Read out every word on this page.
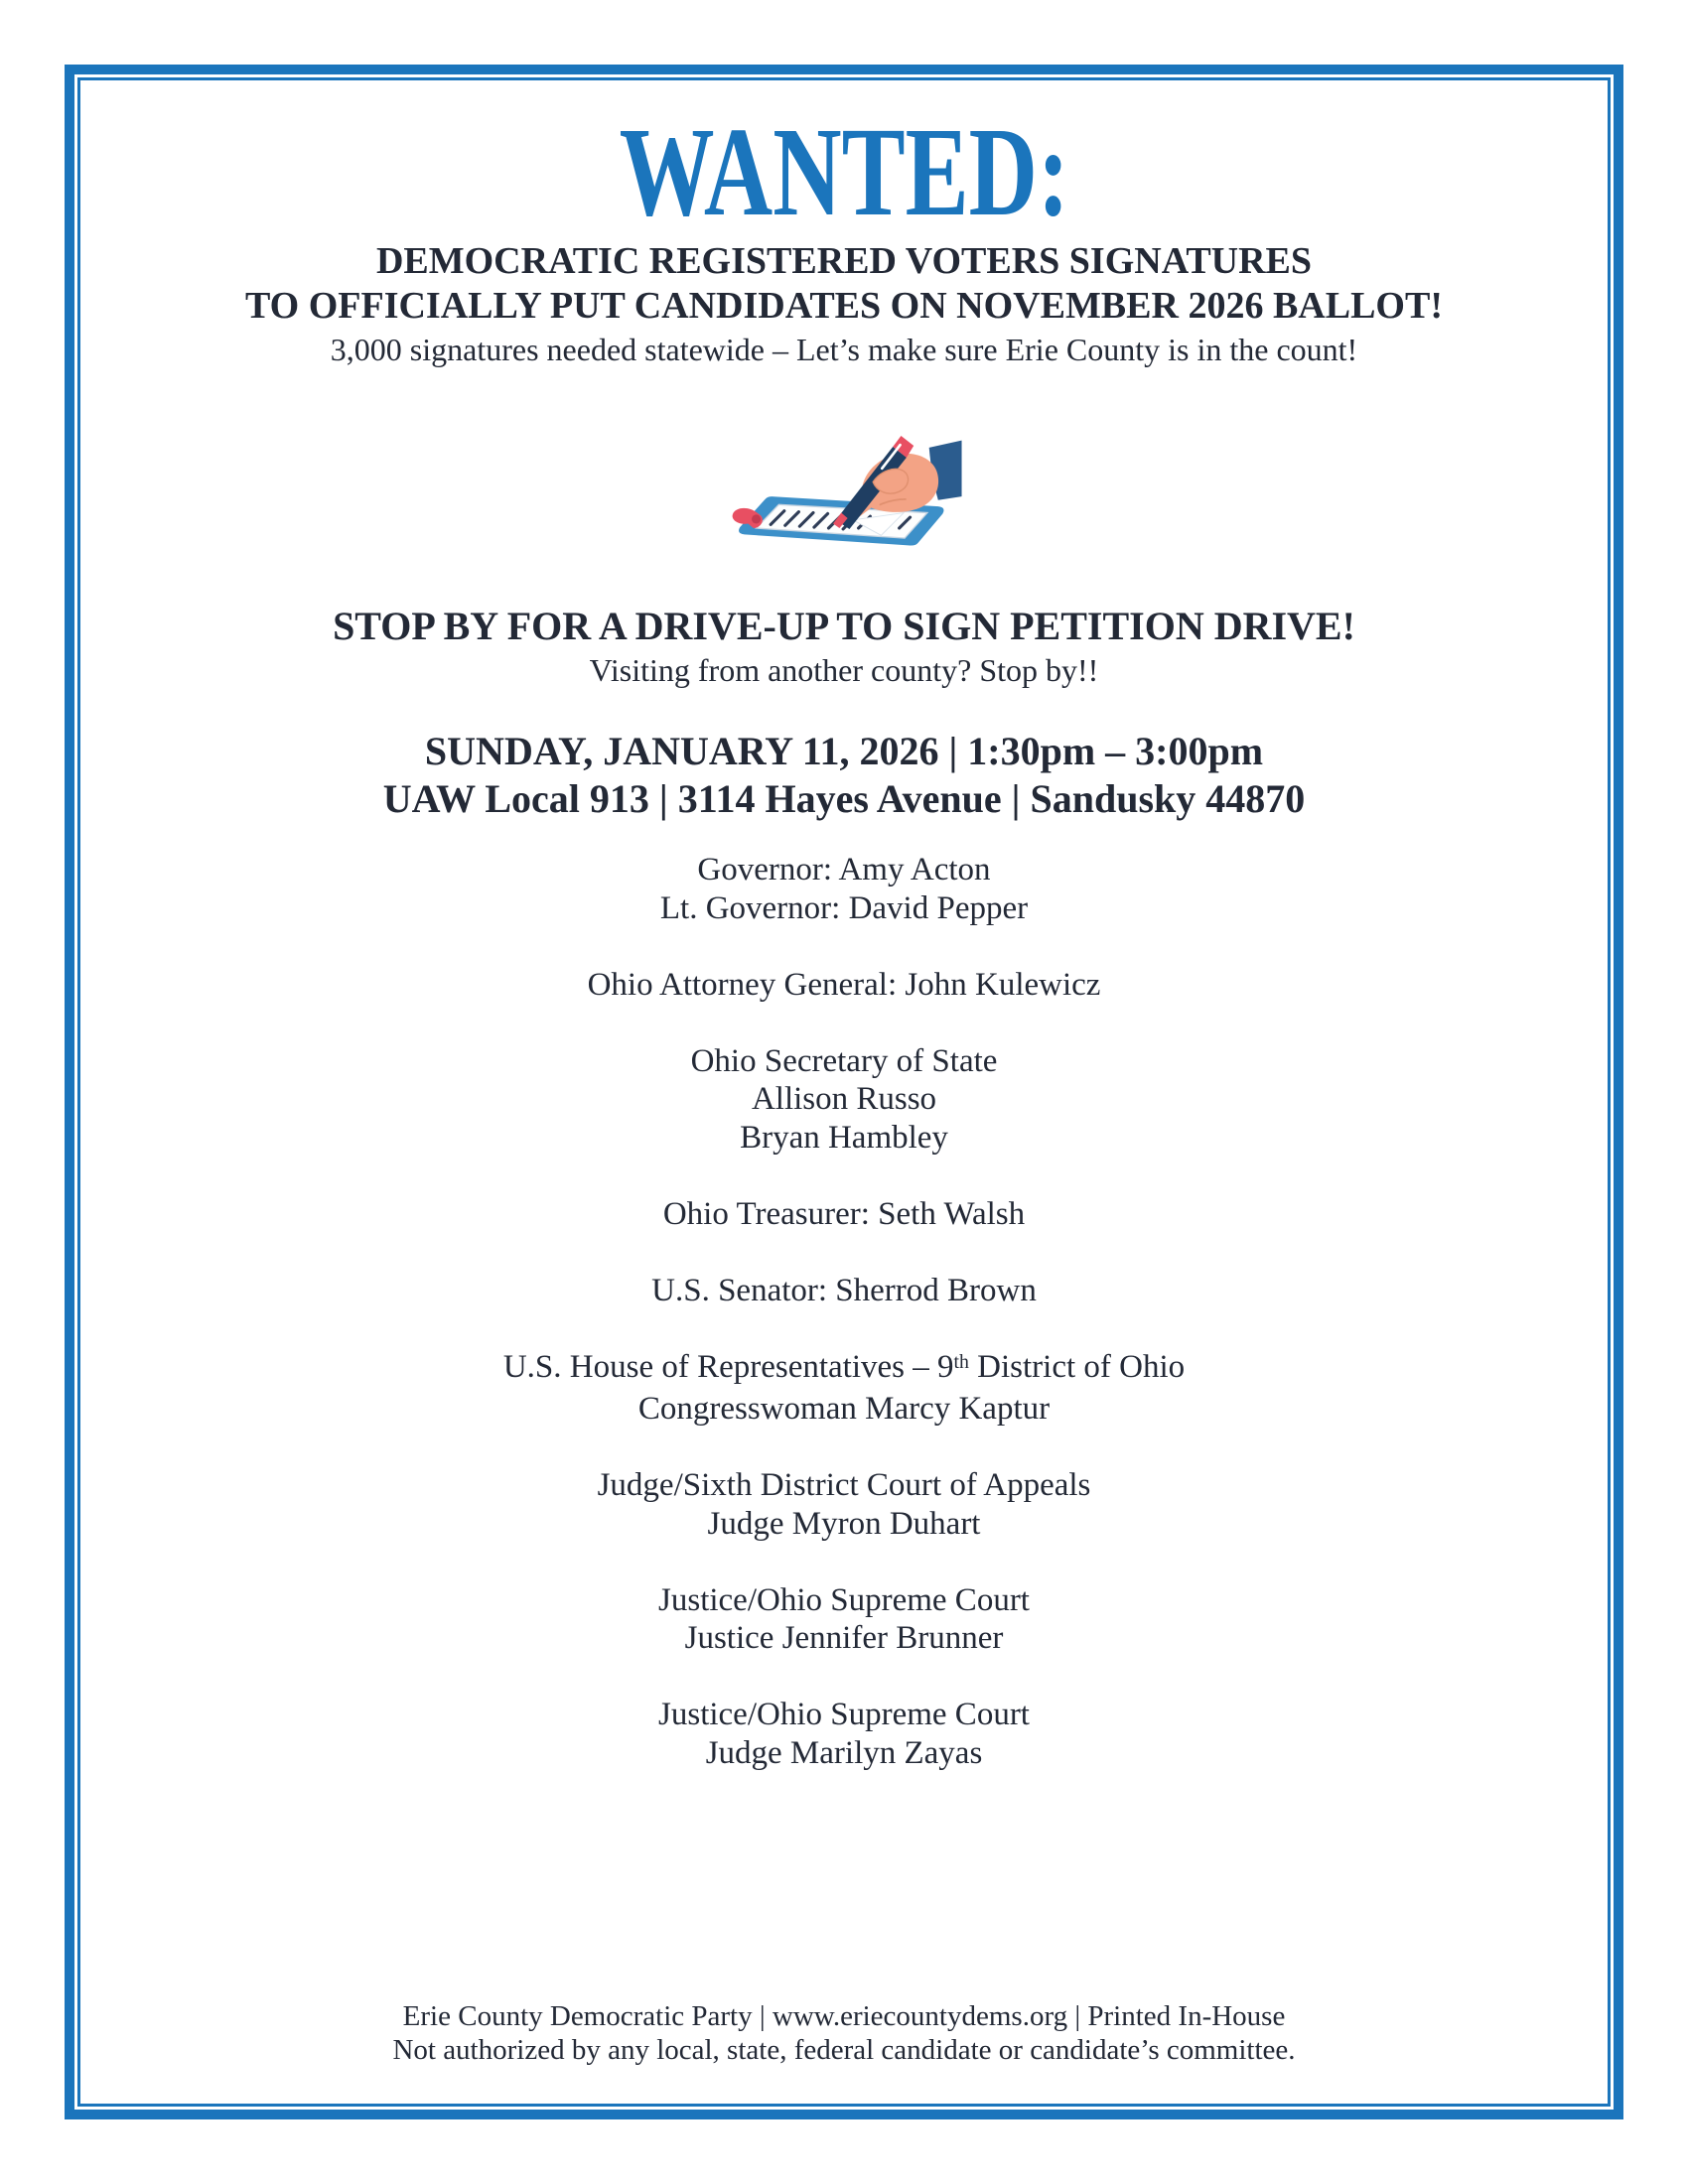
WANTED:
DEMOCRATIC REGISTERED VOTERS SIGNATURES
TO OFFICIALLY PUT CANDIDATES ON NOVEMBER 2026 BALLOT!
3,000 signatures needed statewide – Let’s make sure Erie County is in the count!
STOP BY FOR A DRIVE-UP TO SIGN PETITION DRIVE!
Visiting from another county? Stop by!!
SUNDAY, JANUARY 11, 2026 | 1:30pm – 3:00pm
UAW Local 913 | 3114 Hayes Avenue | Sandusky 44870
Governor: Amy Acton
Lt. Governor: David Pepper
Ohio Attorney General: John Kulewicz
Ohio Secretary of State
Allison Russo
Bryan Hambley
Ohio Treasurer: Seth Walsh
U.S. Senator: Sherrod Brown
U.S. House of Representatives – 9th District of Ohio
Congresswoman Marcy Kaptur
Judge/Sixth District Court of Appeals
Judge Myron Duhart
Justice/Ohio Supreme Court
Justice Jennifer Brunner
Justice/Ohio Supreme Court
Judge Marilyn Zayas
Erie County Democratic Party | www.eriecountydems.org | Printed In-House
Not authorized by any local, state, federal candidate or candidate’s committee.
